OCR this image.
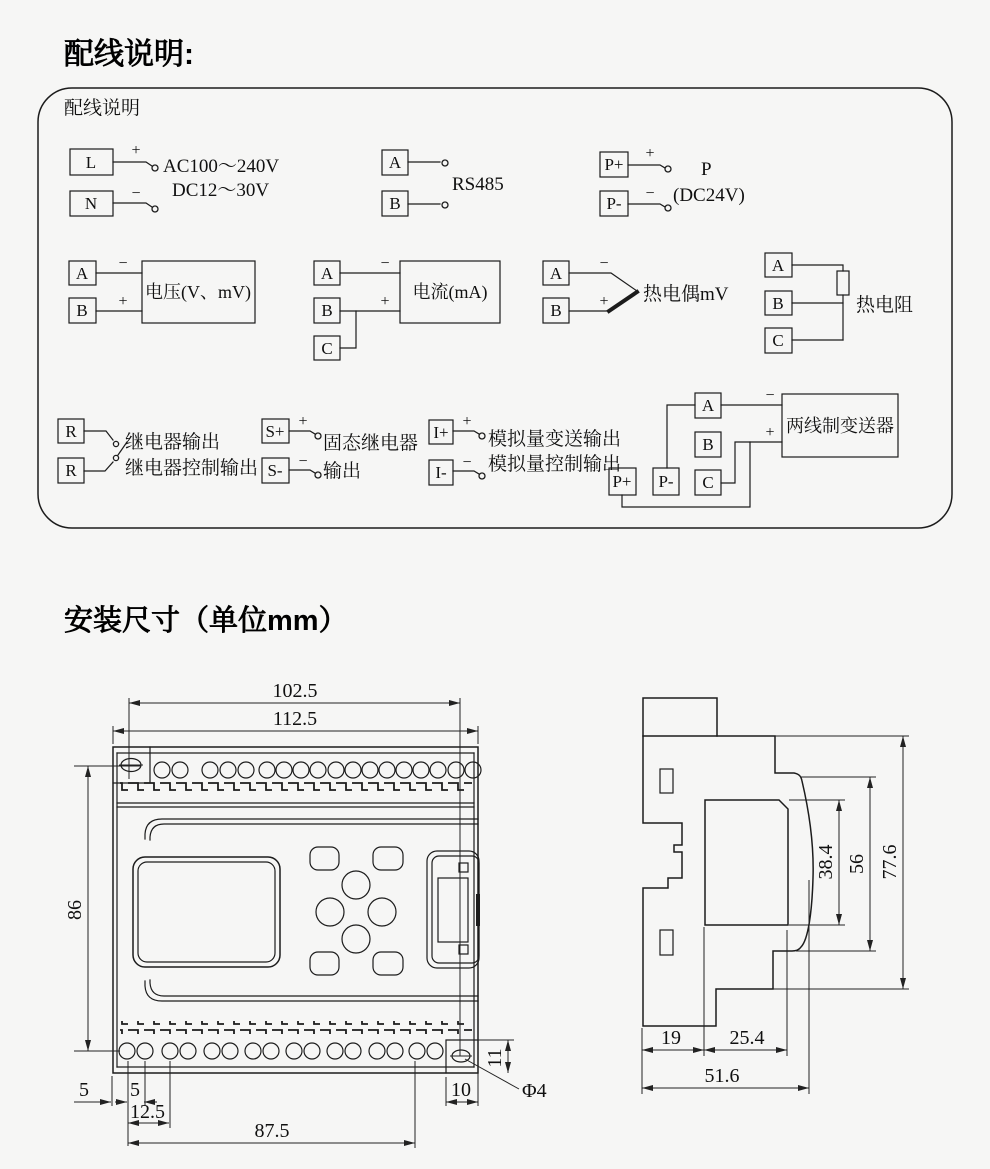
配线说明:
安装尺寸（单位mm）
配线说明
L
+
N
−
AC100～240V
DC12～30V
A
B
RS485
P+
+
P-
−
P
(DC24V)
A
−
B + 电压(V、mV)
A
−
B	+
C
电流(mA)
A
−
B + 热电偶mV
A
B
C
热电阻
R
R
继电器输出
继电器控制输出
S+
+
S- −
固态继电器
输出
I+
+
I-
−
模拟量变送输出
模拟量控制输出
A
B
C
P+ P-
−
+ 两线制变送器
102.5
112.5
86
5 5
12.5
87.5
10
11
Φ4
38.4 56 77.6
19 25.4
51.6
